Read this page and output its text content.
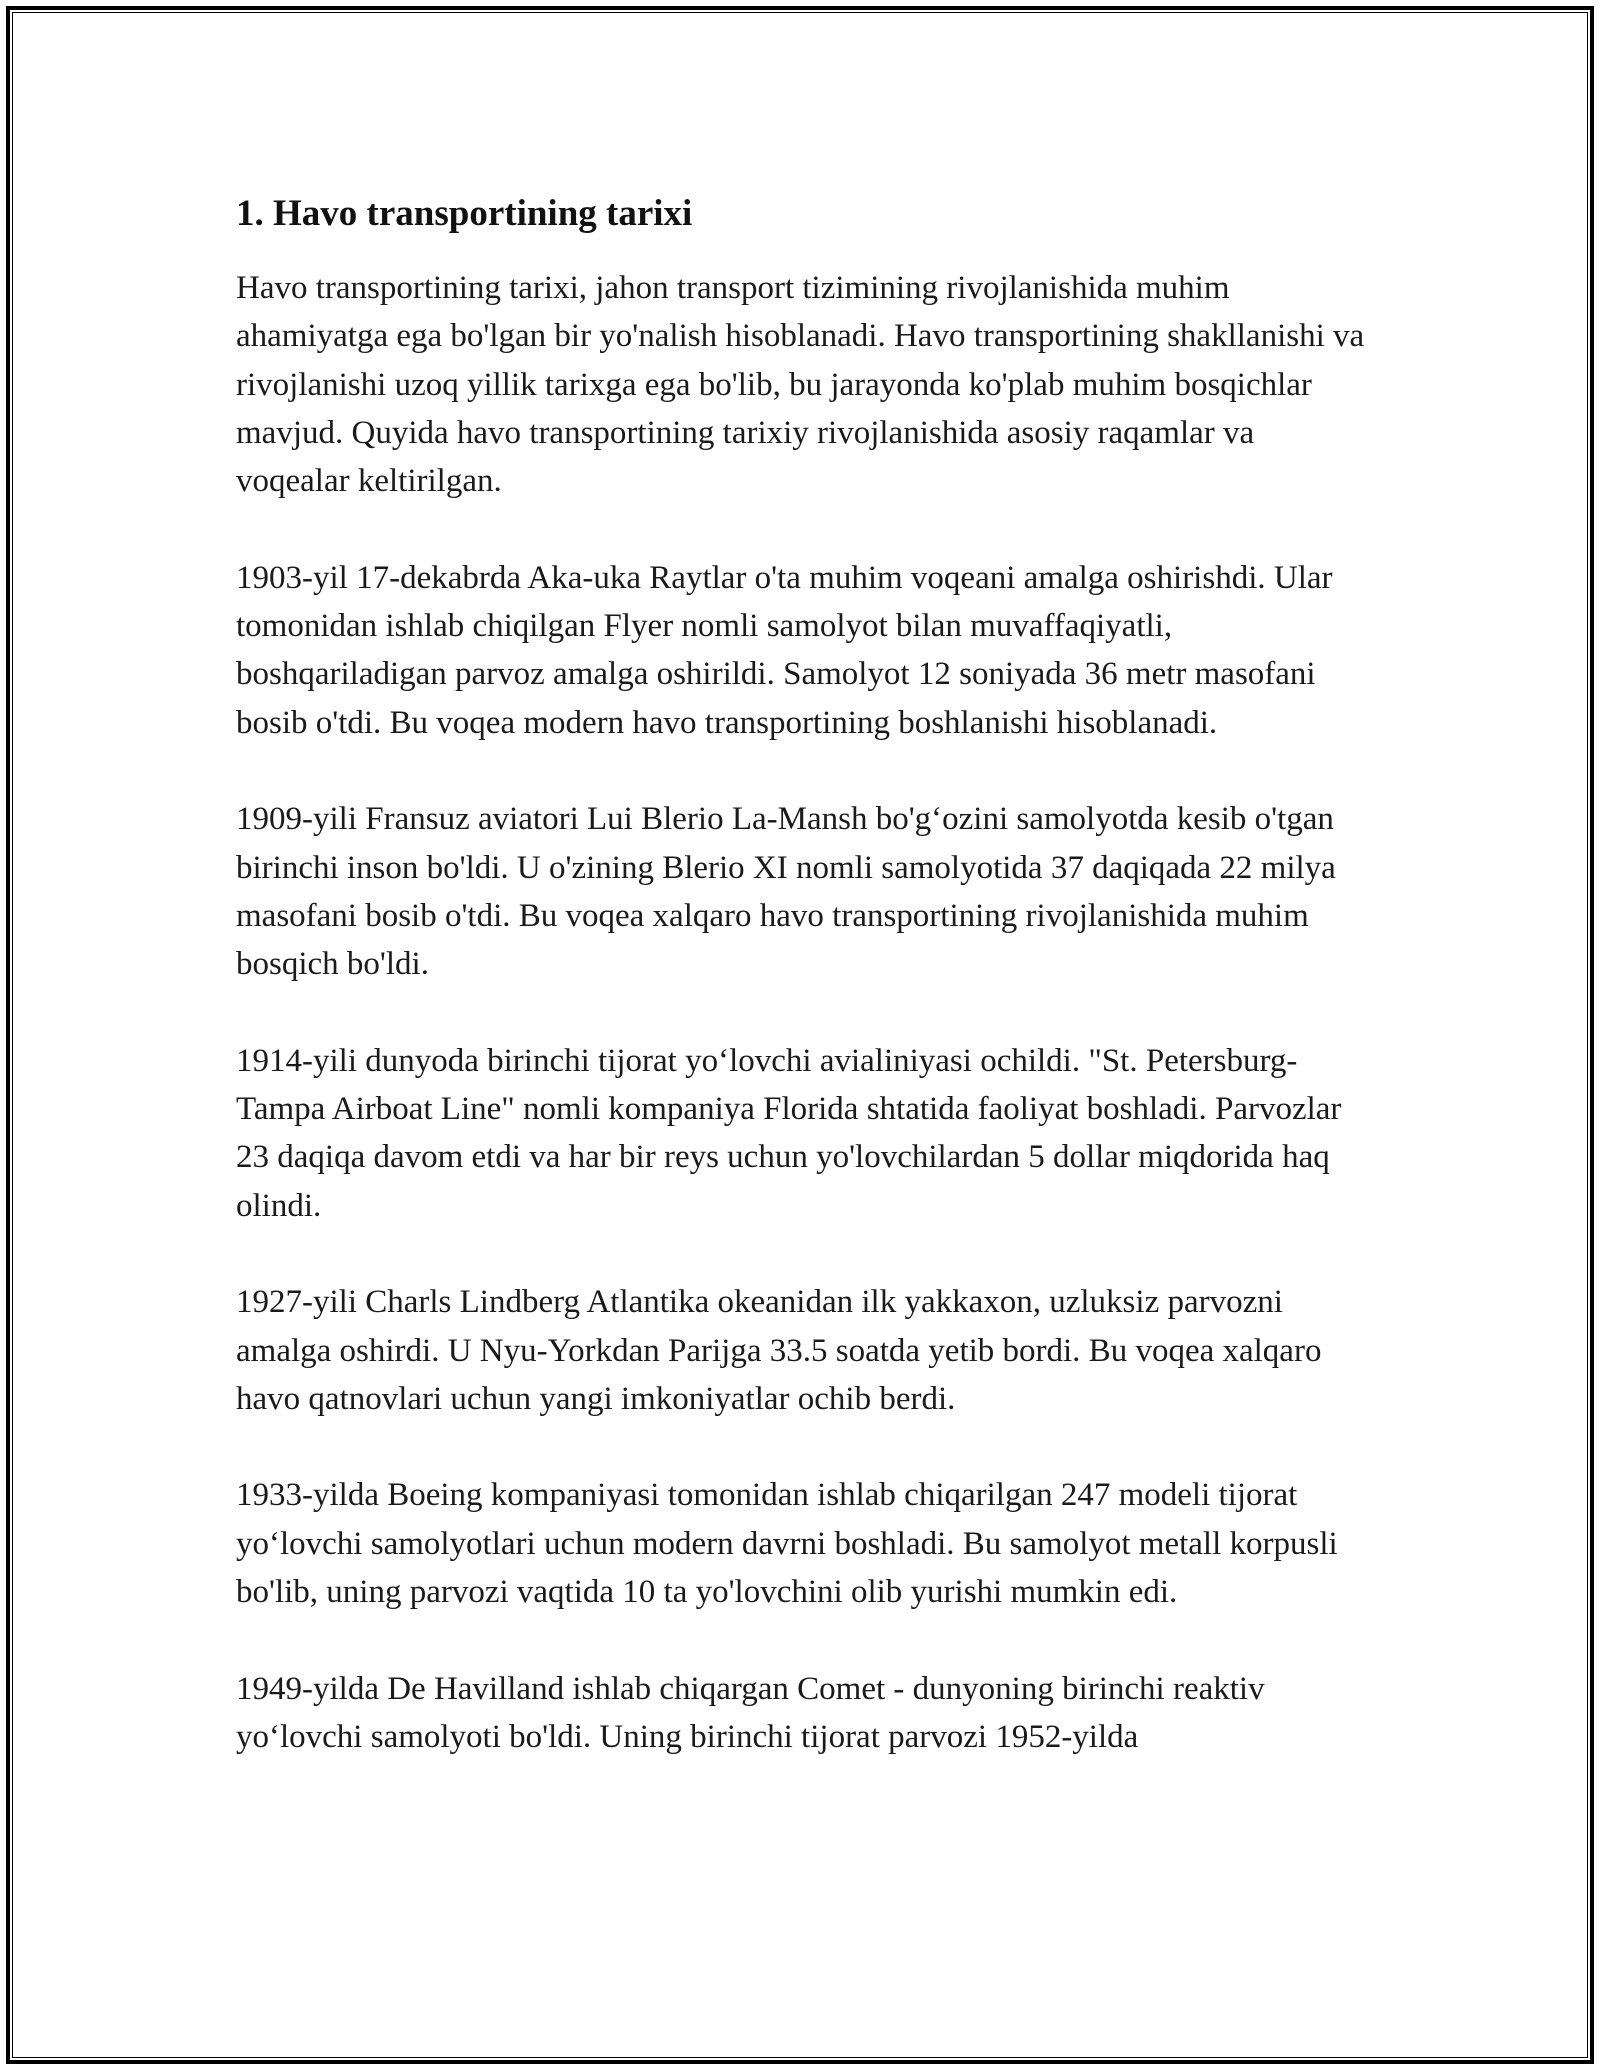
1. Havo transportining tarixi

Havo transportining tarixi, jahon transport tizimining rivojlanishida muhim ahamiyatga ega bo'lgan bir yo'nalish hisoblanadi. Havo transportining shakllanishi va rivojlanishi uzoq yillik tarixga ega bo'lib, bu jarayonda ko'plab muhim bosqichlar mavjud. Quyida havo transportining tarixiy rivojlanishida asosiy raqamlar va voqealar keltirilgan.

1903-yil 17-dekabrda Aka-uka Raytlar o'ta muhim voqeani amalga oshirishdi. Ular tomonidan ishlab chiqilgan Flyer nomli samolyot bilan muvaffaqiyatli, boshqariladigan parvoz amalga oshirildi. Samolyot 12 soniyada 36 metr masofani bosib o'tdi. Bu voqea modern havo transportining boshlanishi hisoblanadi.

1909-yili Fransuz aviatori Lui Blerio La-Mansh bo'g‘ozini samolyotda kesib o'tgan birinchi inson bo'ldi. U o'zining Blerio XI nomli samolyotida 37 daqiqada 22 milya masofani bosib o'tdi. Bu voqea xalqaro havo transportining rivojlanishida muhim bosqich bo'ldi.

1914-yili dunyoda birinchi tijorat yo‘lovchi avialiniyasi ochildi. "St. Petersburg-Tampa Airboat Line" nomli kompaniya Florida shtatida faoliyat boshladi. Parvozlar 23 daqiqa davom etdi va har bir reys uchun yo'lovchilardan 5 dollar miqdorida haq olindi.

1927-yili Charls Lindberg Atlantika okeanidan ilk yakkaxon, uzluksiz parvozni amalga oshirdi. U Nyu-Yorkdan Parijga 33.5 soatda yetib bordi. Bu voqea xalqaro havo qatnovlari uchun yangi imkoniyatlar ochib berdi.

1933-yilda Boeing kompaniyasi tomonidan ishlab chiqarilgan 247 modeli tijorat yo‘lovchi samolyotlari uchun modern davrni boshladi. Bu samolyot metall korpusli bo'lib, uning parvozi vaqtida 10 ta yo'lovchini olib yurishi mumkin edi.

1949-yilda De Havilland ishlab chiqargan Comet - dunyoning birinchi reaktiv yo‘lovchi samolyoti bo'ldi. Uning birinchi tijorat parvozi 1952-yilda
